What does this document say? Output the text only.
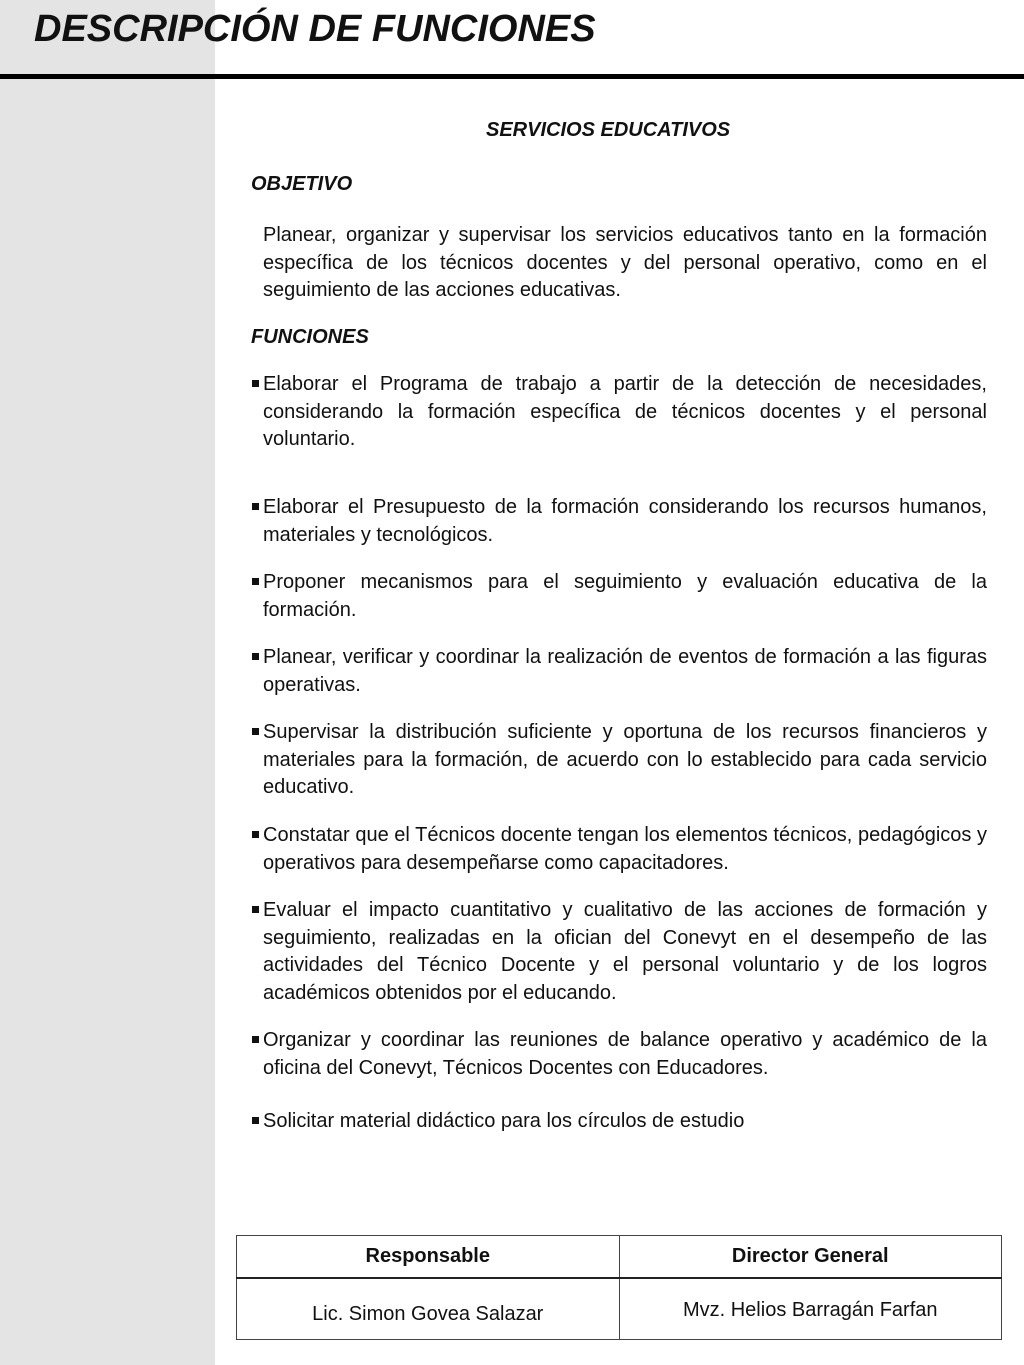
DESCRIPCIÓN DE FUNCIONES
SERVICIOS EDUCATIVOS
OBJETIVO

Planear, organizar y supervisar los servicios educativos tanto en la formación específica de los técnicos docentes y del personal operativo, como en el seguimiento de las acciones educativas.

FUNCIONES
Elaborar el Programa de trabajo a partir de la detección de necesidades, considerando la formación específica de técnicos docentes y el personal voluntario.
Elaborar el Presupuesto de la formación considerando los recursos humanos, materiales y tecnológicos.
Proponer mecanismos para el seguimiento y evaluación educativa de la formación.
Planear, verificar y coordinar la realización de eventos de formación a las figuras operativas.
Supervisar la distribución suficiente y oportuna de los recursos financieros y materiales para la formación, de acuerdo con lo establecido para cada servicio educativo.
Constatar que el Técnicos docente tengan los elementos técnicos, pedagógicos y operativos para desempeñarse como capacitadores.
Evaluar el impacto cuantitativo y cualitativo de las acciones de formación y seguimiento, realizadas en la ofician del Conevyt en el desempeño de las actividades del Técnico Docente y el personal voluntario y de los logros académicos obtenidos por el educando.
Organizar y coordinar las reuniones de balance operativo y académico de la oficina del Conevyt, Técnicos Docentes con Educadores.
Solicitar material didáctico para los círculos de estudio
Responsable	Director General
Lic. Simon Govea Salazar	Mvz. Helios Barragán Farfan
